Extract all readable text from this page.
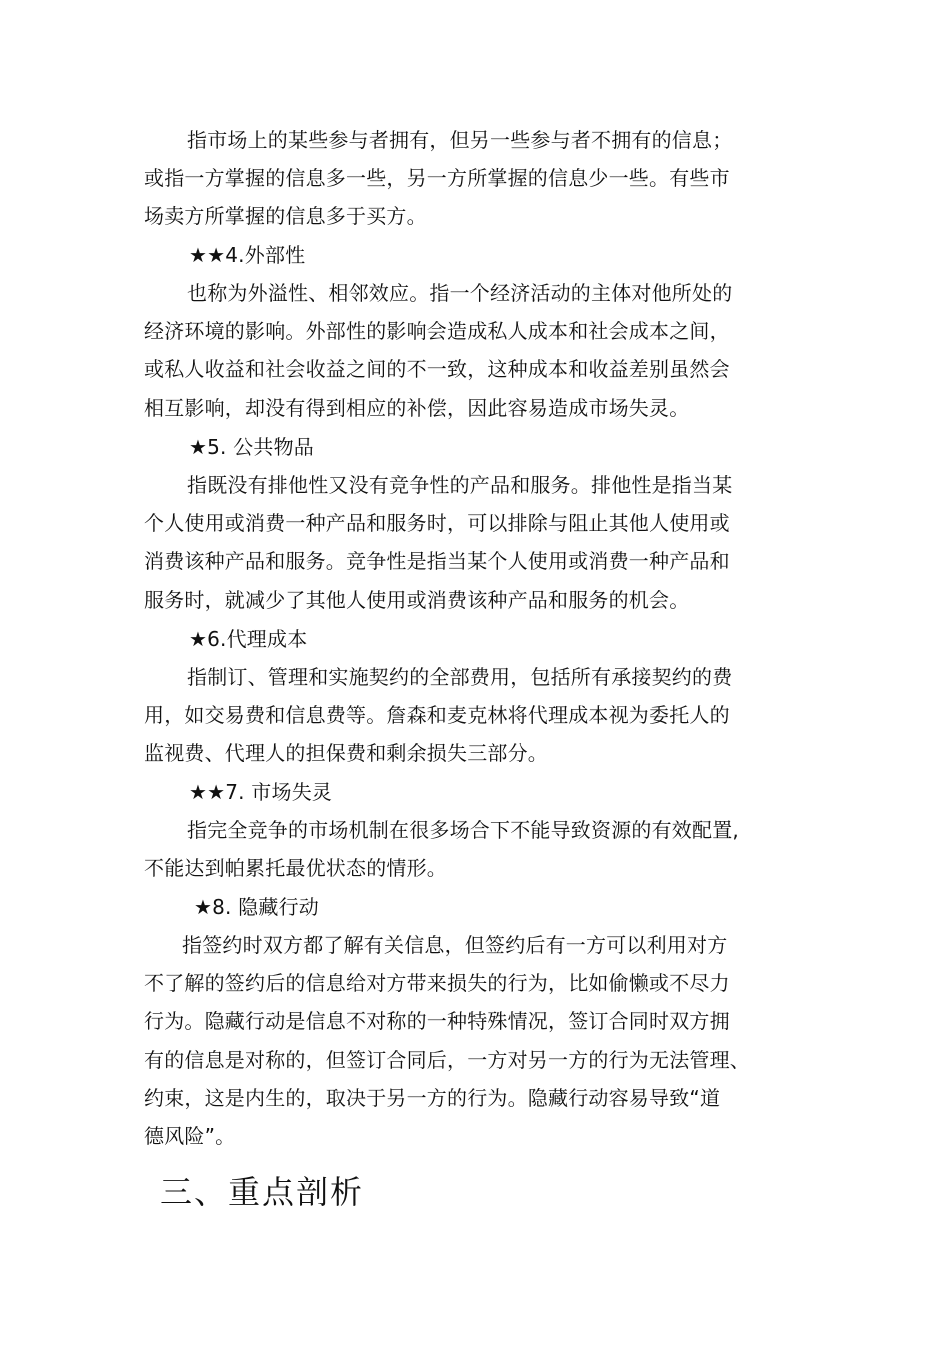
指市场上的某些参与者拥有，但另一些参与者不拥有的信息；
或指一方掌握的信息多一些，另一方所掌握的信息少一些。有些市
场卖方所掌握的信息多于买方。
★★4.外部性
也称为外溢性、相邻效应。指一个经济活动的主体对他所处的
经济环境的影响。外部性的影响会造成私人成本和社会成本之间，
或私人收益和社会收益之间的不一致，这种成本和收益差别虽然会
相互影响，却没有得到相应的补偿，因此容易造成市场失灵。
★5. 公共物品
指既没有排他性又没有竞争性的产品和服务。排他性是指当某
个人使用或消费一种产品和服务时，可以排除与阻止其他人使用或
消费该种产品和服务。竞争性是指当某个人使用或消费一种产品和
服务时，就减少了其他人使用或消费该种产品和服务的机会。
★6.代理成本
指制订、管理和实施契约的全部费用，包括所有承接契约的费
用，如交易费和信息费等。詹森和麦克林将代理成本视为委托人的
监视费、代理人的担保费和剩余损失三部分。
★★7. 市场失灵
指完全竞争的市场机制在很多场合下不能导致资源的有效配置,
不能达到帕累托最优状态的情形。
★8. 隐藏行动
指签约时双方都了解有关信息，但签约后有一方可以利用对方
不了解的签约后的信息给对方带来损失的行为，比如偷懒或不尽力
行为。隐藏行动是信息不对称的一种特殊情况，签订合同时双方拥
有的信息是对称的，但签订合同后，一方对另一方的行为无法管理、
约束，这是内生的，取决于另一方的行为。隐藏行动容易导致“道
德风险”。
三、重点剖析
